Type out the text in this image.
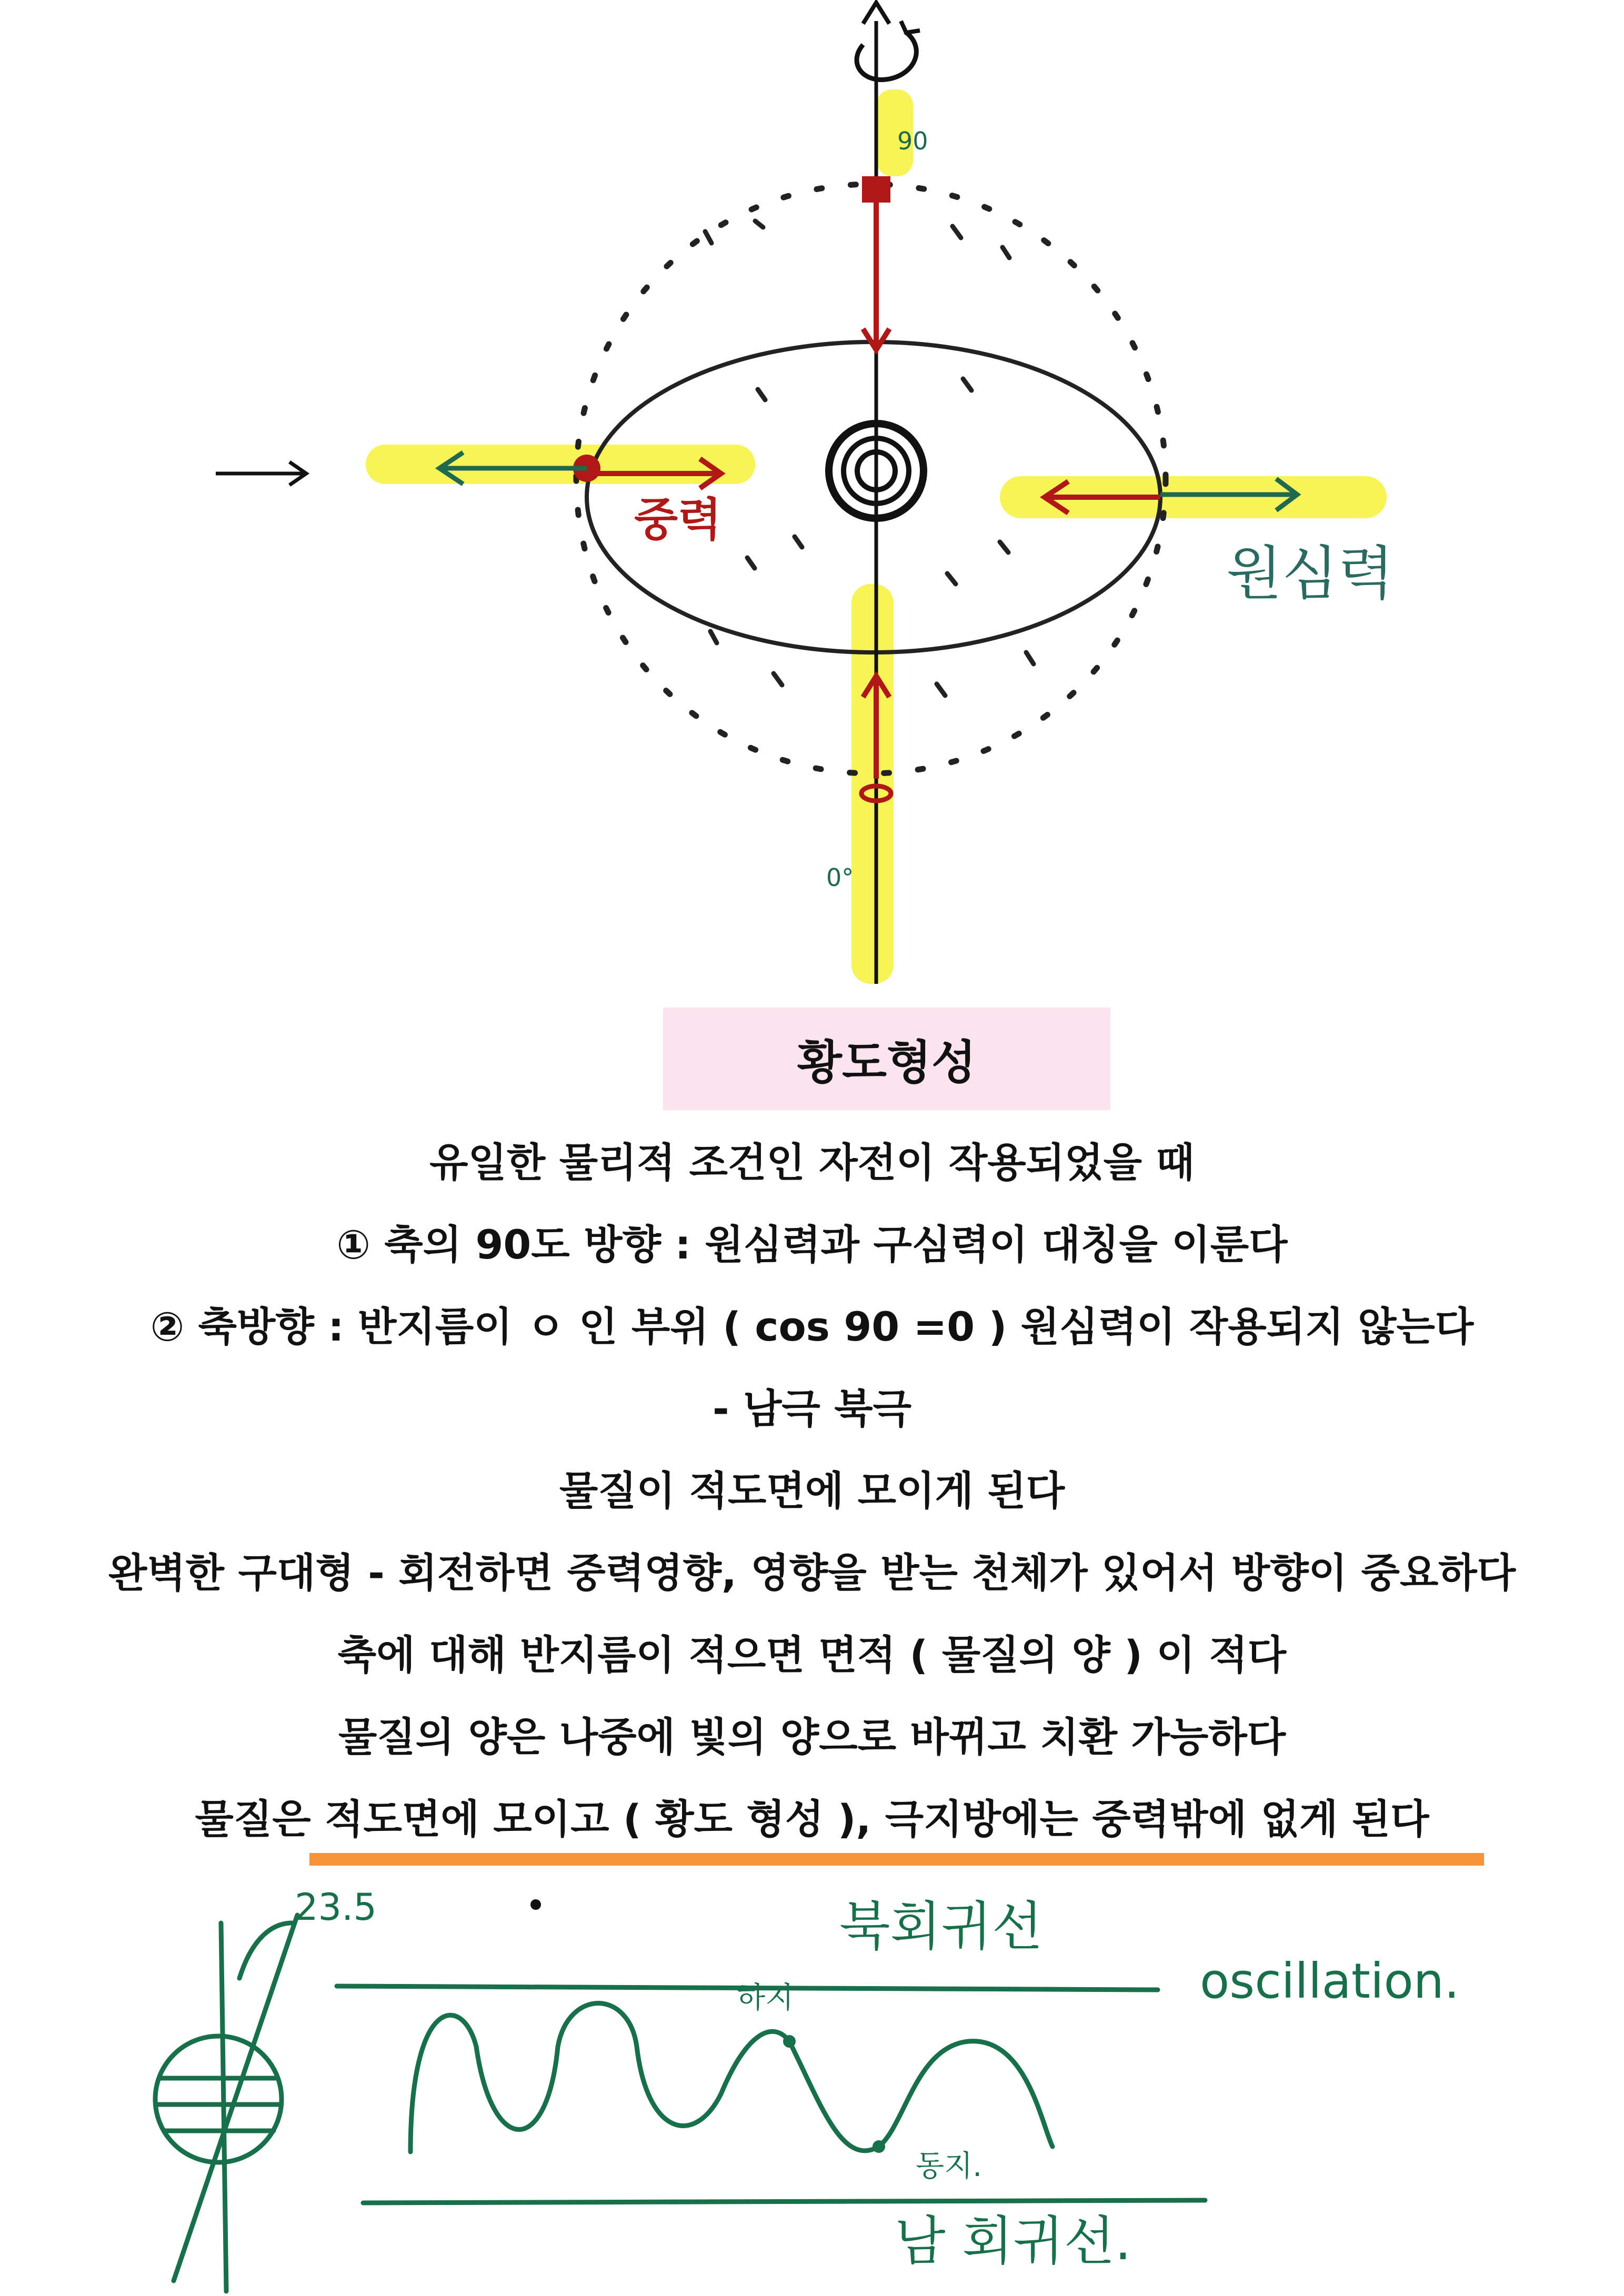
중력
원심력
90
0°
황도형성
유일한 물리적 조건인 자전이 작용되었을 때
① 축의 90도 방향 : 원심력과 구심력이 대칭을 이룬다
② 축방향 : 반지름이 ㅇ 인 부위 ( cos 90 =0 ) 원심력이 작용되지 않는다
- 남극 북극
물질이 적도면에 모이게 된다
완벽한 구대형 - 회전하면 중력영향, 영향을 받는 천체가 있어서 방향이 중요하다
축에 대해 반지름이 적으면 면적 ( 물질의 양 ) 이 적다
물질의 양은 나중에 빛의 양으로 바뀌고 치환 가능하다
물질은 적도면에 모이고 ( 황도 형성 ), 극지방에는 중력밖에 없게 된다
23.5	북회귀선
oscillation.
하지
동지.
남 회귀선.
